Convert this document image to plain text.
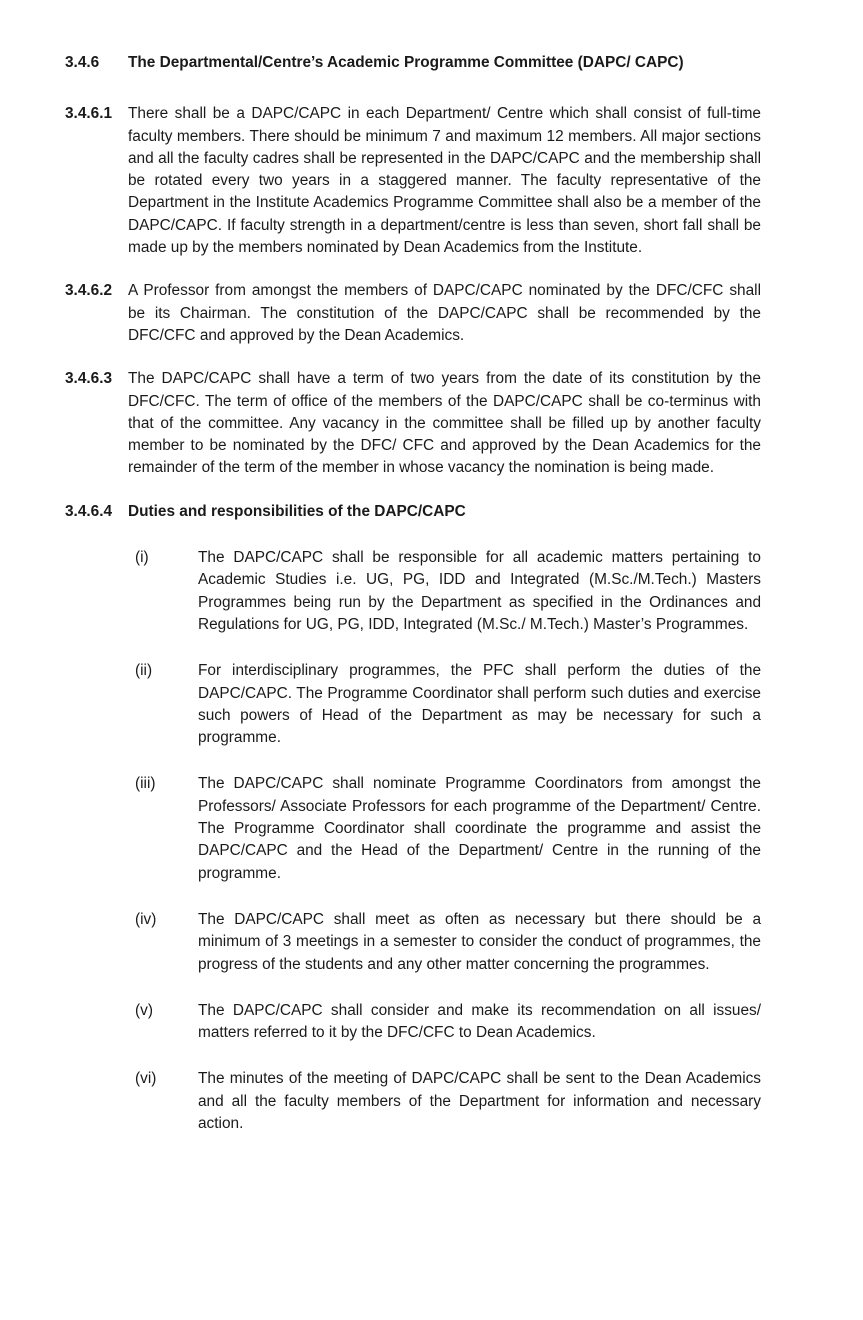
3.4.6	The Departmental/Centre’s Academic Programme Committee (DAPC/ CAPC)
3.4.6.1	There shall be a DAPC/CAPC in each Department/ Centre which shall consist of full-time faculty members. There should be minimum 7 and maximum 12 members. All major sections and all the faculty cadres shall be represented in the DAPC/CAPC and the membership shall be rotated every two years in a staggered manner. The faculty representative of the Department in the Institute Academics Programme Committee shall also be a member of the DAPC/CAPC. If faculty strength in a department/centre is less than seven, short fall shall be made up by the members nominated by Dean Academics from the Institute.
3.4.6.2	A Professor from amongst the members of DAPC/CAPC nominated by the DFC/CFC shall be its Chairman. The constitution of the DAPC/CAPC shall be recommended by the DFC/CFC and approved by the Dean Academics.
3.4.6.3	The DAPC/CAPC shall have a term of two years from the date of its constitution by the DFC/CFC. The term of office of the members of the DAPC/CAPC shall be co-terminus with that of the committee. Any vacancy in the committee shall be filled up by another faculty member to be nominated by the DFC/ CFC and approved by the Dean Academics for the remainder of the term of the member in whose vacancy the nomination is being made.
3.4.6.4	Duties and responsibilities of the DAPC/CAPC
(i)	The DAPC/CAPC shall be responsible for all academic matters pertaining to Academic Studies i.e. UG, PG, IDD and Integrated (M.Sc./M.Tech.) Masters Programmes being run by the Department as specified in the Ordinances and Regulations for UG, PG, IDD, Integrated (M.Sc./ M.Tech.) Master’s Programmes.
(ii)	For interdisciplinary programmes, the PFC shall perform the duties of the DAPC/CAPC. The Programme Coordinator shall perform such duties and exercise such powers of Head of the Department as may be necessary for such a programme.
(iii)	The DAPC/CAPC shall nominate Programme Coordinators from amongst the Professors/ Associate Professors for each programme of the Department/ Centre. The Programme Coordinator shall coordinate the programme and assist the DAPC/CAPC and the Head of the Department/ Centre in the running of the programme.
(iv)	The DAPC/CAPC shall meet as often as necessary but there should be a minimum of 3 meetings in a semester to consider the conduct of programmes, the progress of the students and any other matter concerning the programmes.
(v)	The DAPC/CAPC shall consider and make its recommendation on all issues/ matters referred to it by the DFC/CFC to Dean Academics.
(vi)	The minutes of the meeting of DAPC/CAPC shall be sent to the Dean Academics and all the faculty members of the Department for information and necessary action.
